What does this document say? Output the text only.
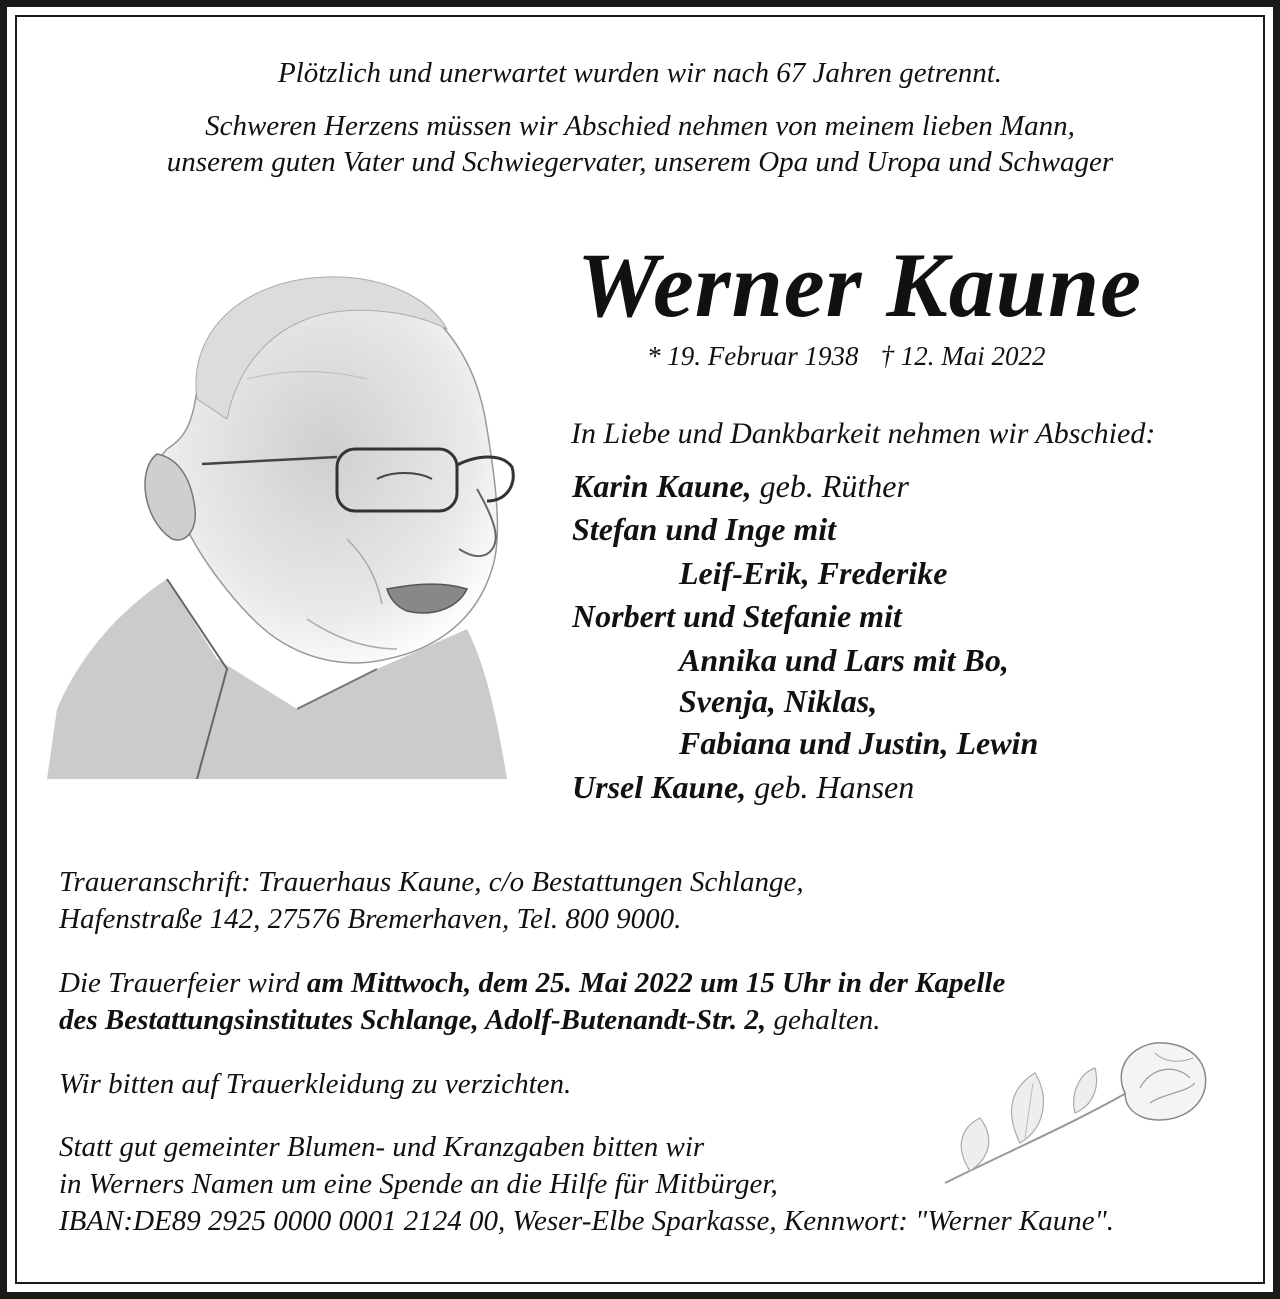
Plötzlich und unerwartet wurden wir nach 67 Jahren getrennt.
Schweren Herzens müssen wir Abschied nehmen von meinem lieben Mann,
unserem guten Vater und Schwiegervater, unserem Opa und Uropa und Schwager
Werner Kaune
* 19. Februar 1938 † 12. Mai 2022
In Liebe und Dankbarkeit nehmen wir Abschied:
Karin Kaune, geb. Rüther
Stefan und Inge mit
Leif-Erik, Frederike
Norbert und Stefanie mit
Annika und Lars mit Bo,
Svenja, Niklas,
Fabiana und Justin, Lewin
Ursel Kaune, geb. Hansen
Traueranschrift: Trauerhaus Kaune, c/o Bestattungen Schlange,
Hafenstraße 142, 27576 Bremerhaven, Tel. 800 9000.
Die Trauerfeier wird am Mittwoch, dem 25. Mai 2022 um 15 Uhr in der Kapelle
des Bestattungsinstitutes Schlange, Adolf-Butenandt-Str. 2, gehalten.
Wir bitten auf Trauerkleidung zu verzichten.
Statt gut gemeinter Blumen- und Kranzgaben bitten wir
in Werners Namen um eine Spende an die Hilfe für Mitbürger,
IBAN:DE89 2925 0000 0001 2124 00, Weser-Elbe Sparkasse, Kennwort: "Werner Kaune".
